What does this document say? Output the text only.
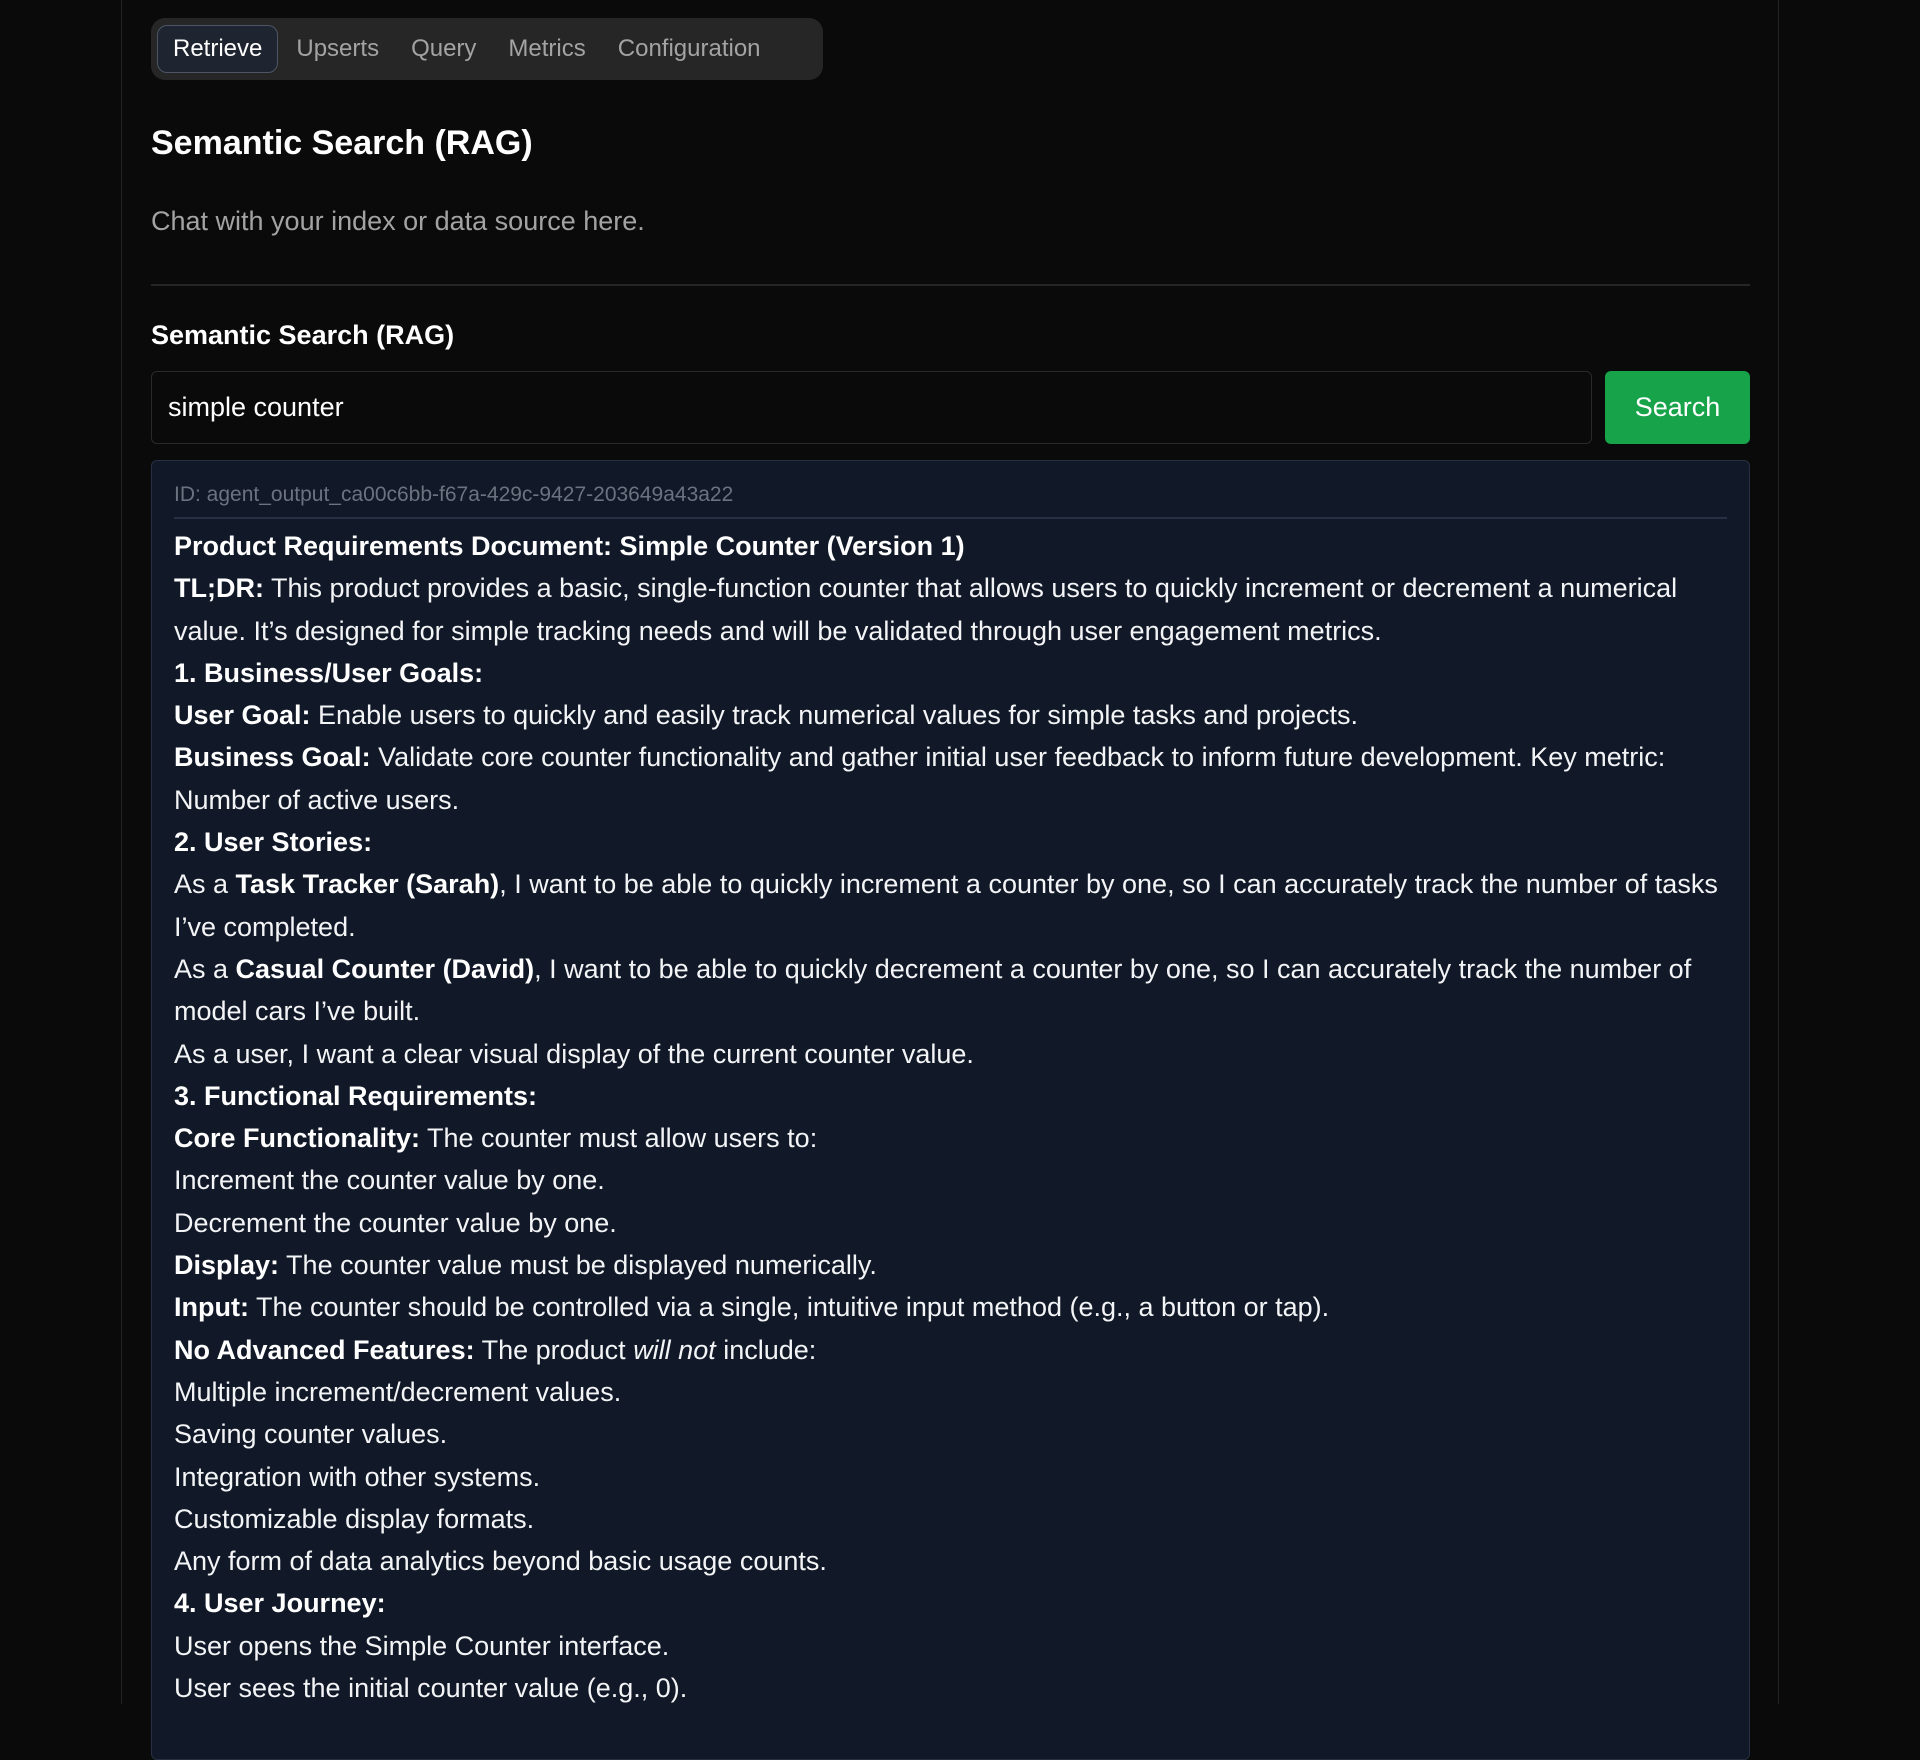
Retrieve	Upserts	Query	Metrics	Configuration
Semantic Search (RAG)
Chat with your index or data source here.
Semantic Search (RAG)
simple counter
Search
ID: agent_output_ca00c6bb-f67a-429c-9427-203649a43a22
Product Requirements Document: Simple Counter (Version 1)
TL;DR: This product provides a basic, single-function counter that allows users to quickly increment or decrement a numerical value. It’s designed for simple tracking needs and will be validated through user engagement metrics.
1. Business/User Goals:
User Goal: Enable users to quickly and easily track numerical values for simple tasks and projects.
Business Goal: Validate core counter functionality and gather initial user feedback to inform future development. Key metric: Number of active users.
2. User Stories:
As a Task Tracker (Sarah), I want to be able to quickly increment a counter by one, so I can accurately track the number of tasks I’ve completed.
As a Casual Counter (David), I want to be able to quickly decrement a counter by one, so I can accurately track the number of model cars I’ve built.
As a user, I want a clear visual display of the current counter value.
3. Functional Requirements:
Core Functionality: The counter must allow users to:
Increment the counter value by one.
Decrement the counter value by one.
Display: The counter value must be displayed numerically.
Input: The counter should be controlled via a single, intuitive input method (e.g., a button or tap).
No Advanced Features: The product will not include:
Multiple increment/decrement values.
Saving counter values.
Integration with other systems.
Customizable display formats.
Any form of data analytics beyond basic usage counts.
4. User Journey:
User opens the Simple Counter interface.
User sees the initial counter value (e.g., 0).
